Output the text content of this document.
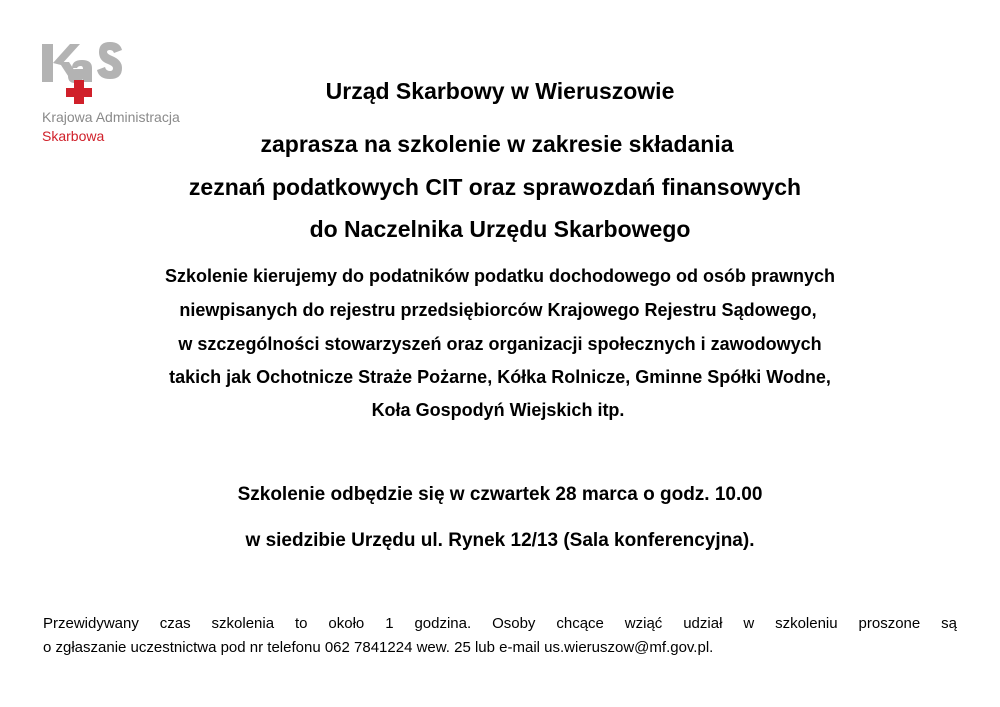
Krajowa Administracja
Skarbowa
Urząd Skarbowy w Wieruszowie
zaprasza na szkolenie w zakresie składania
zeznań podatkowych CIT oraz sprawozdań finansowych
do Naczelnika Urzędu Skarbowego
Szkolenie kierujemy do podatników podatku dochodowego od osób prawnych
niewpisanych do rejestru przedsiębiorców Krajowego Rejestru Sądowego,
w szczególności stowarzyszeń oraz organizacji społecznych i zawodowych
takich jak Ochotnicze Straże Pożarne, Kółka Rolnicze, Gminne Spółki Wodne,
Koła Gospodyń Wiejskich itp.
Szkolenie odbędzie się w czwartek 28 marca o godz. 10.00
w siedzibie Urzędu ul. Rynek 12/13 (Sala konferencyjna).
Przewidywany czas szkolenia to około 1 godzina. Osoby chcące wziąć udział w szkoleniu proszone są
o zgłaszanie uczestnictwa pod nr telefonu 062 7841224 wew. 25 lub e-mail us.wieruszow@mf.gov.pl.
